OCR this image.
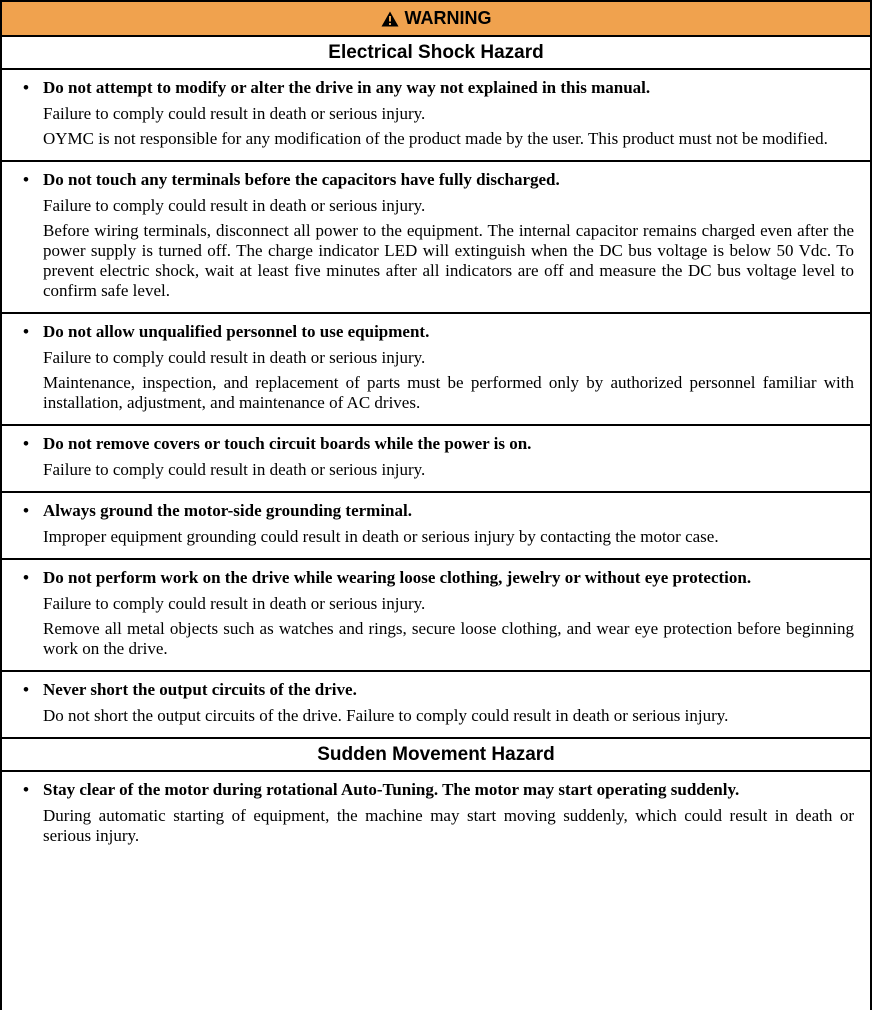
WARNING
Electrical Shock Hazard
• Do not attempt to modify or alter the drive in any way not explained in this manual.
Failure to comply could result in death or serious injury.
OYMC is not responsible for any modification of the product made by the user. This product must not be modified.
• Do not touch any terminals before the capacitors have fully discharged.
Failure to comply could result in death or serious injury.
Before wiring terminals, disconnect all power to the equipment. The internal capacitor remains charged even after the power supply is turned off. The charge indicator LED will extinguish when the DC bus voltage is below 50 Vdc. To prevent electric shock, wait at least five minutes after all indicators are off and measure the DC bus voltage level to confirm safe level.
• Do not allow unqualified personnel to use equipment.
Failure to comply could result in death or serious injury.
Maintenance, inspection, and replacement of parts must be performed only by authorized personnel familiar with installation, adjustment, and maintenance of AC drives.
• Do not remove covers or touch circuit boards while the power is on.
Failure to comply could result in death or serious injury.
• Always ground the motor-side grounding terminal.
Improper equipment grounding could result in death or serious injury by contacting the motor case.
• Do not perform work on the drive while wearing loose clothing, jewelry or without eye protection.
Failure to comply could result in death or serious injury.
Remove all metal objects such as watches and rings, secure loose clothing, and wear eye protection before beginning work on the drive.
• Never short the output circuits of the drive.
Do not short the output circuits of the drive. Failure to comply could result in death or serious injury.
Sudden Movement Hazard
• Stay clear of the motor during rotational Auto-Tuning. The motor may start operating suddenly.
During automatic starting of equipment, the machine may start moving suddenly, which could result in death or serious injury.
